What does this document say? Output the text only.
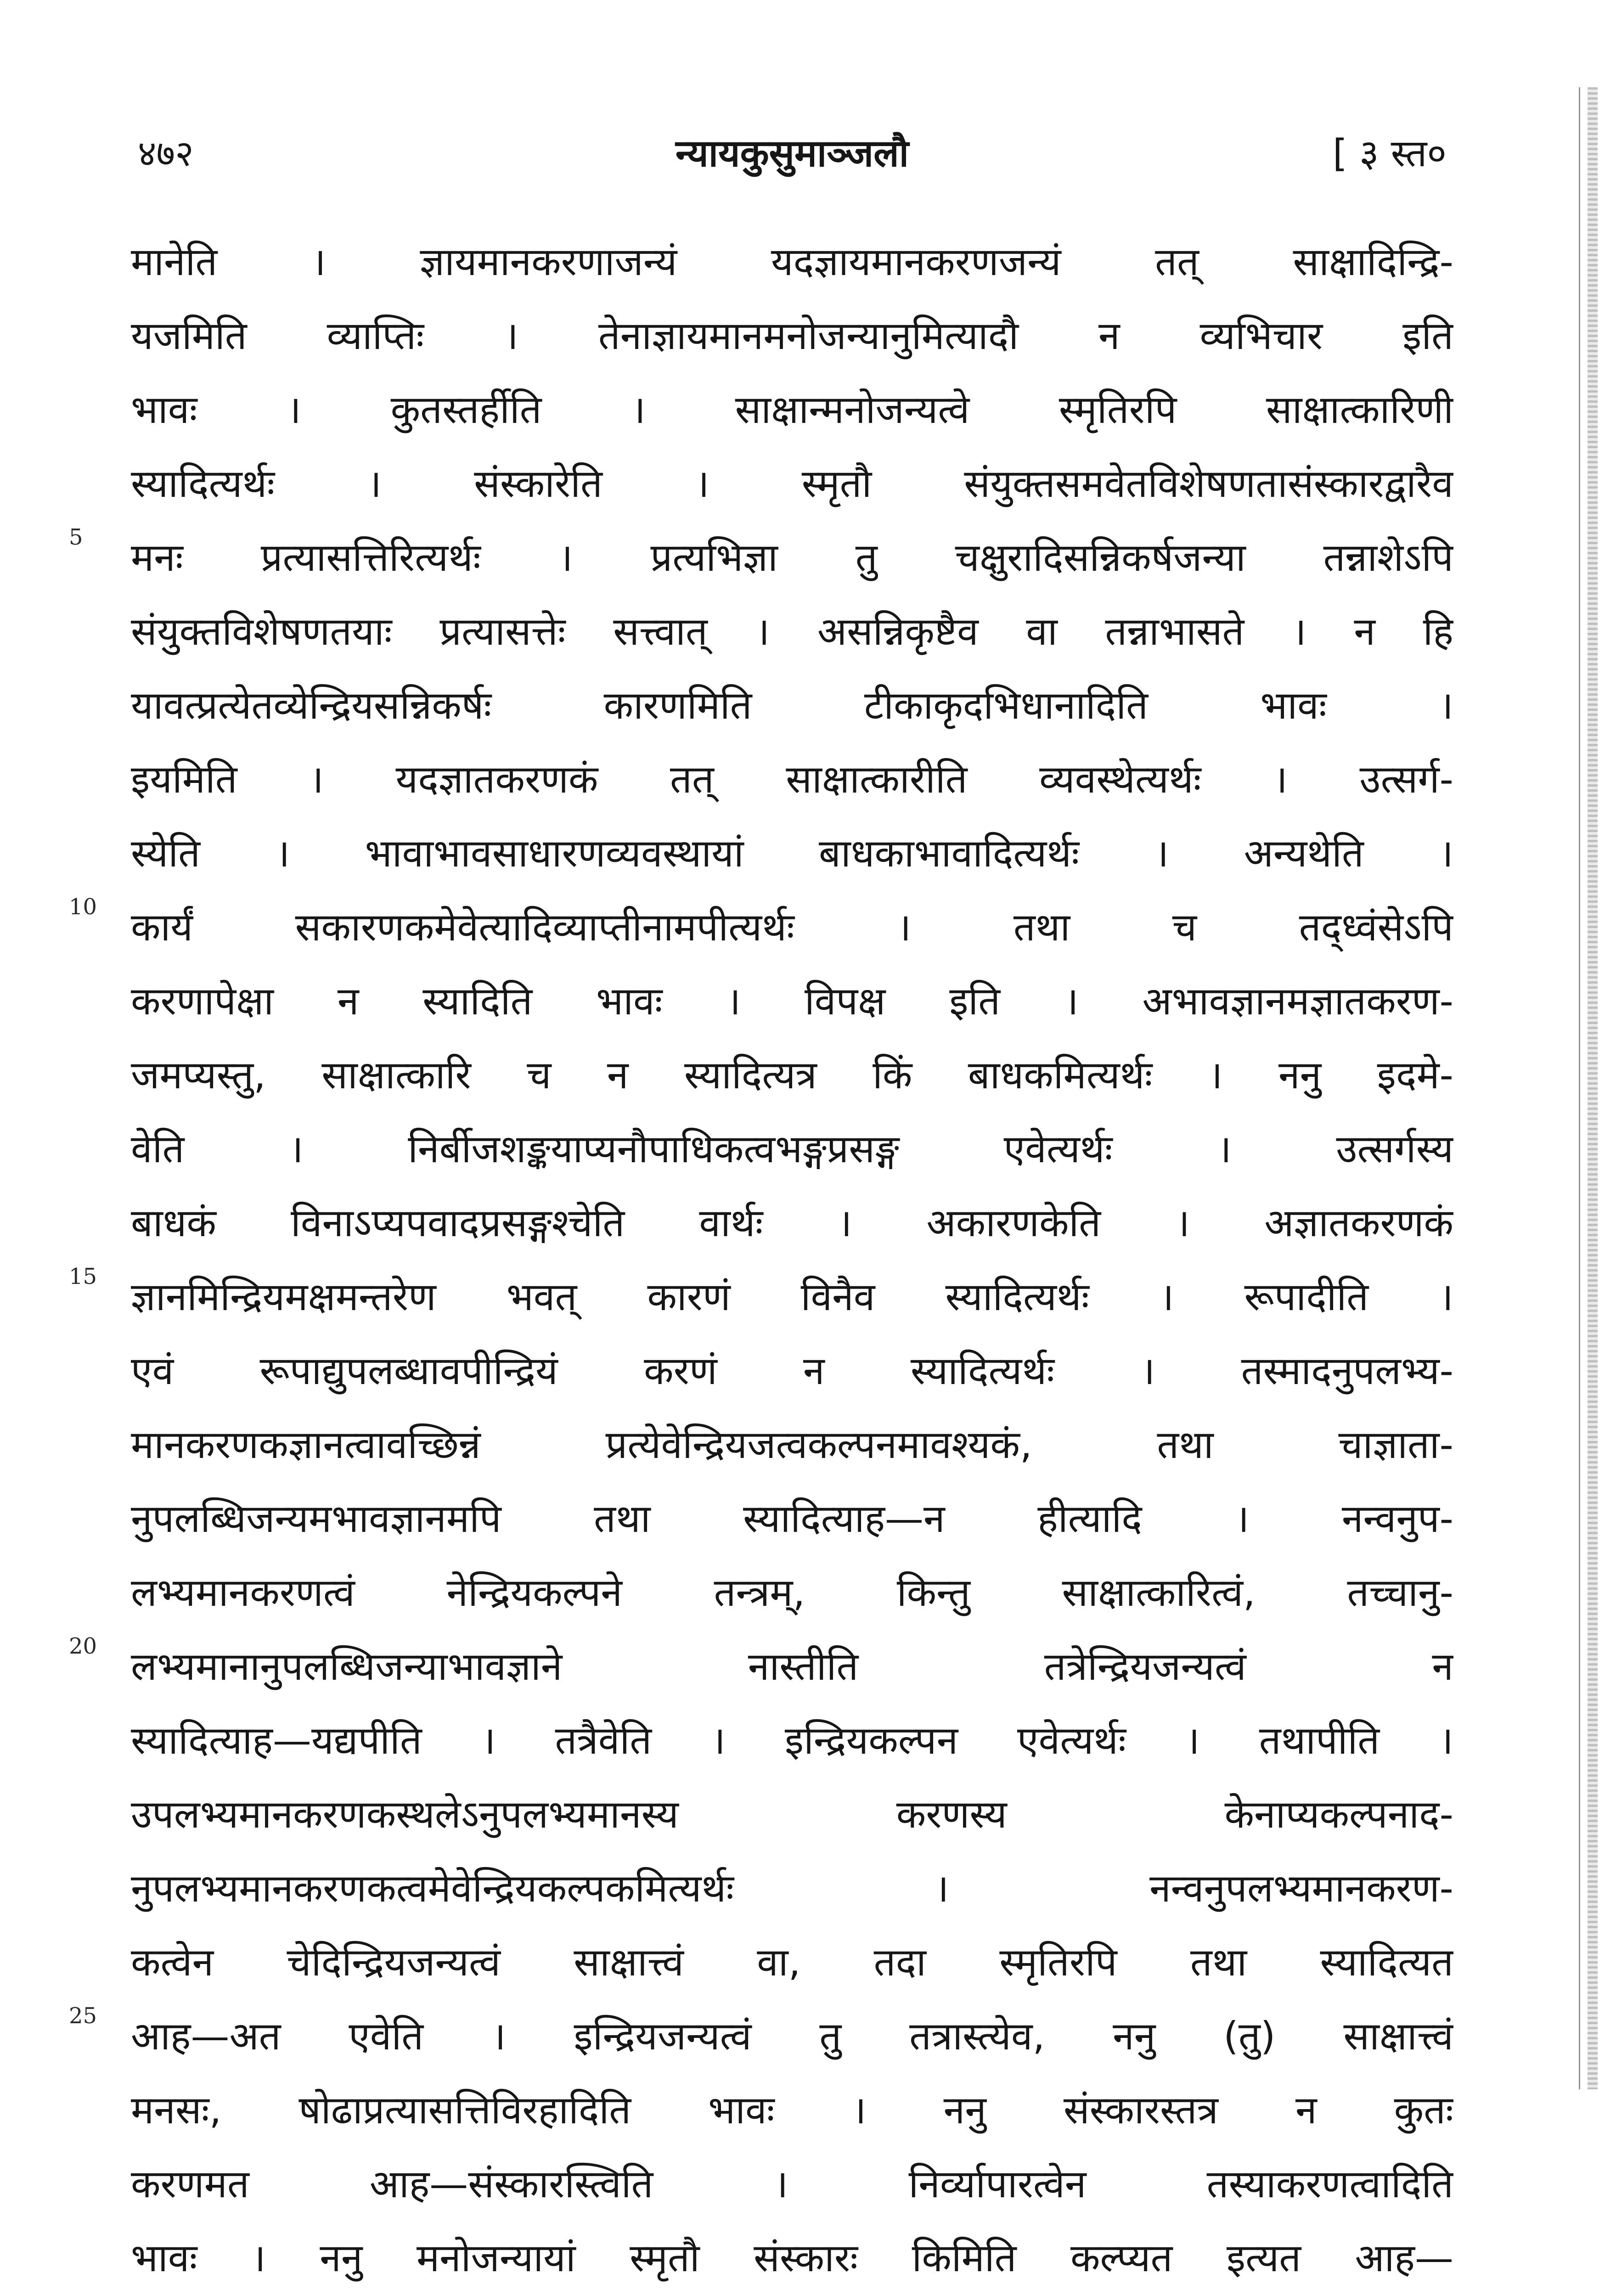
४७२	न्यायकुसुमाञ्जलौ	[ ३ स्त०
5
10
15
20
25
मानेति । ज्ञायमानकरणाजन्यं यदज्ञायमानकरणजन्यं तत् साक्षादिन्द्रि-
यजमिति व्याप्तिः । तेनाज्ञायमानमनोजन्यानुमित्यादौ न व्यभिचार इति
भावः । कुतस्तर्हीति । साक्षान्मनोजन्यत्वे स्मृतिरपि साक्षात्कारिणी
स्यादित्यर्थः । संस्कारेति । स्मृतौ संयुक्तसमवेतविशेषणतासंस्कारद्वारैव
मनः प्रत्यासत्तिरित्यर्थः । प्रत्यभिज्ञा तु चक्षुरादिसन्निकर्षजन्या तन्नाशेऽपि
संयुक्तविशेषणतयाः प्रत्यासत्तेः सत्त्वात् । असन्निकृष्टैव वा तन्नाभासते । न हि
यावत्प्रत्येतव्येन्द्रियसन्निकर्षः कारणमिति टीकाकृदभिधानादिति भावः ।
इयमिति । यदज्ञातकरणकं तत् साक्षात्कारीति व्यवस्थेत्यर्थः । उत्सर्ग-
स्येति । भावाभावसाधारणव्यवस्थायां बाधकाभावादित्यर्थः । अन्यथेति ।
कार्यं सकारणकमेवेत्यादिव्याप्तीनामपीत्यर्थः । तथा च तद्ध्वंसेऽपि
करणापेक्षा न स्यादिति भावः । विपक्ष इति । अभावज्ञानमज्ञातकरण-
जमप्यस्तु, साक्षात्कारि च न स्यादित्यत्र किं बाधकमित्यर्थः । ननु इदमे-
वेति । निर्बीजशङ्कयाप्यनौपाधिकत्वभङ्गप्रसङ्ग एवेत्यर्थः । उत्सर्गस्य
बाधकं विनाऽप्यपवादप्रसङ्गश्चेति वार्थः । अकारणकेति । अज्ञातकरणकं
ज्ञानमिन्द्रियमक्षमन्तरेण भवत् कारणं विनैव स्यादित्यर्थः । रूपादीति ।
एवं रूपाद्युपलब्धावपीन्द्रियं करणं न स्यादित्यर्थः । तस्मादनुपलभ्य-
मानकरणकज्ञानत्वावच्छिन्नं प्रत्येवेन्द्रियजत्वकल्पनमावश्यकं, तथा चाज्ञाता-
नुपलब्धिजन्यमभावज्ञानमपि तथा स्यादित्याह—न हीत्यादि । नन्वनुप-
लभ्यमानकरणत्वं नेन्द्रियकल्पने तन्त्रम्, किन्तु साक्षात्कारित्वं, तच्चानु-
लभ्यमानानुपलब्धिजन्याभावज्ञाने नास्तीति तत्रेन्द्रियजन्यत्वं न
स्यादित्याह—यद्यपीति । तत्रैवेति । इन्द्रियकल्पन एवेत्यर्थः । तथापीति ।
उपलभ्यमानकरणकस्थलेऽनुपलभ्यमानस्य करणस्य केनाप्यकल्पनाद-
नुपलभ्यमानकरणकत्वमेवेन्द्रियकल्पकमित्यर्थः । नन्वनुपलभ्यमानकरण-
कत्वेन चेदिन्द्रियजन्यत्वं साक्षात्त्वं वा, तदा स्मृतिरपि तथा स्यादित्यत
आह—अत एवेति । इन्द्रियजन्यत्वं तु तत्रास्त्येव, ननु (तु) साक्षात्त्वं
मनसः, षोढाप्रत्यासत्तिविरहादिति भावः । ननु संस्कारस्तत्र न कुतः
करणमत आह—संस्कारस्त्विति । निर्व्यापारत्वेन तस्याकरणत्वादिति
भावः । ननु मनोजन्यायां स्मृतौ संस्कारः किमिति कल्प्यत इत्यत आह—
